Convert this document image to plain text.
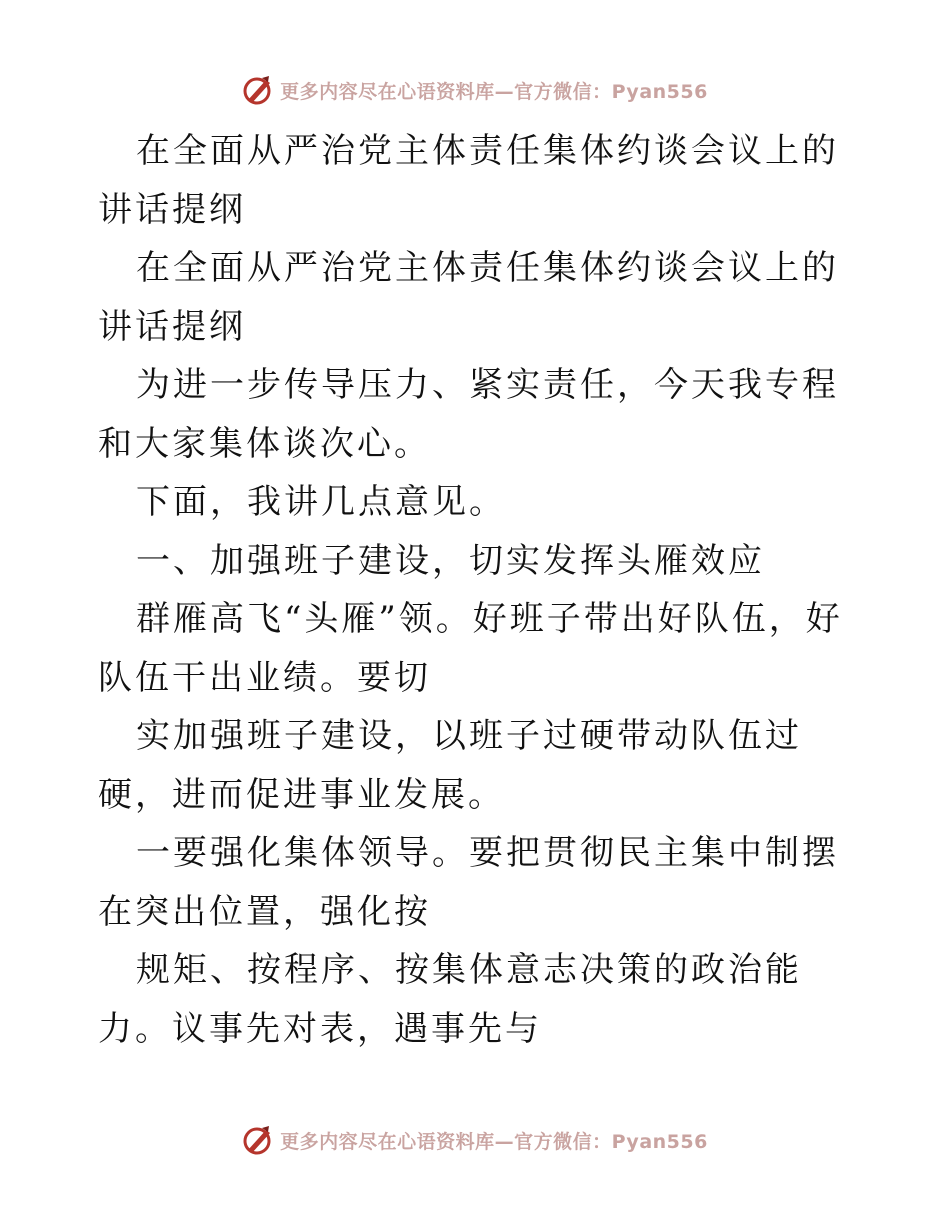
更多内容尽在心语资料库—官方微信：Pyan556

在全面从严治党主体责任集体约谈会议上的讲话提纲

在全面从严治党主体责任集体约谈会议上的讲话提纲

为进一步传导压力、紧实责任，今天我专程和大家集体谈次心。

下面，我讲几点意见。

一、加强班子建设，切实发挥头雁效应

群雁高飞“头雁”领。好班子带出好队伍，好队伍干出业绩。要切

实加强班子建设，以班子过硬带动队伍过硬，进而促进事业发展。

一要强化集体领导。要把贯彻民主集中制摆在突出位置，强化按

规矩、按程序、按集体意志决策的政治能力。议事先对表，遇事先与

更多内容尽在心语资料库—官方微信：Pyan556
